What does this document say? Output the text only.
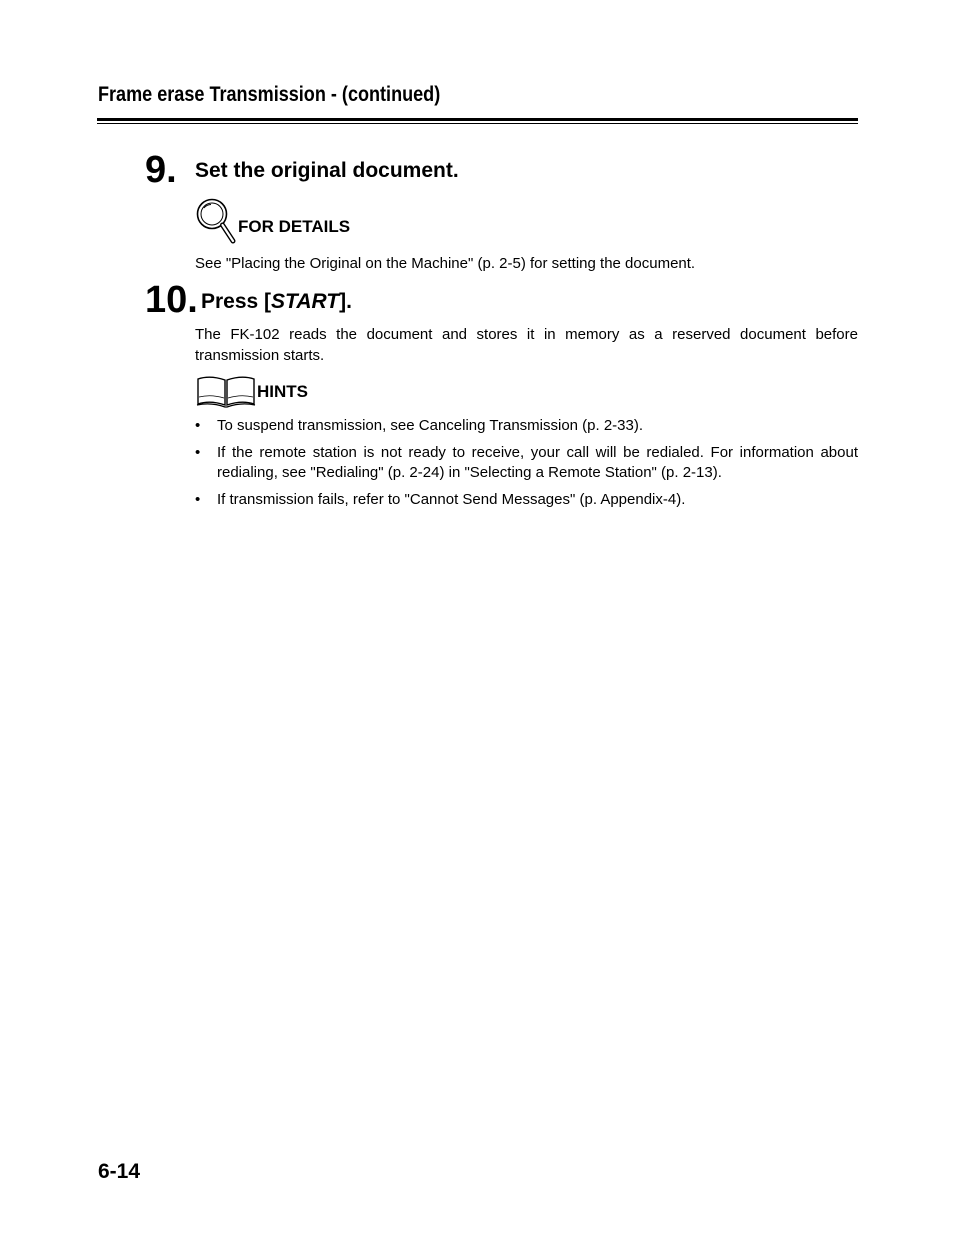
Frame erase Transmission - (continued)
9. Set the original document.
FOR DETAILS
See "Placing the Original on the Machine" (p. 2-5) for setting the document.
10. Press [START].
The FK-102 reads the document and stores it in memory as a reserved document before transmission starts.
HINTS
• To suspend transmission, see Canceling Transmission (p. 2-33).
• If the remote station is not ready to receive, your call will be redialed. For information about redialing, see "Redialing" (p. 2-24) in "Selecting a Remote Station" (p. 2-13).
• If transmission fails, refer to "Cannot Send Messages" (p. Appendix-4).
6-14
